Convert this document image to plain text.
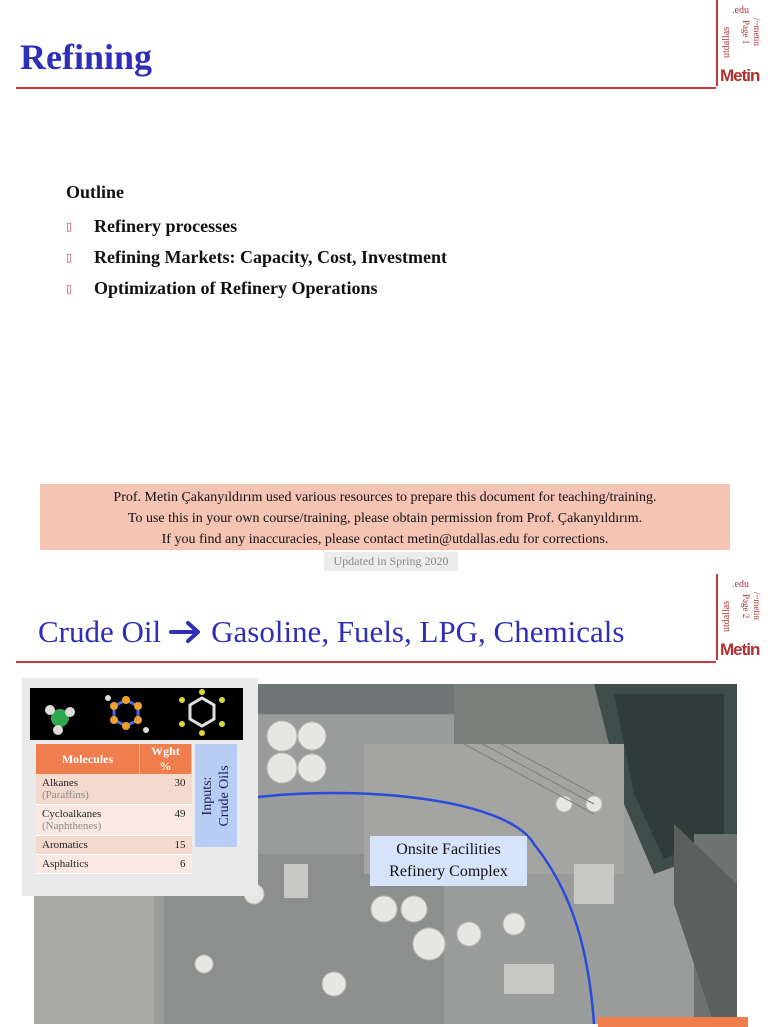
Refining	utdallas
.edu
Page 1 /~metin
Metin
Outline
▯	Refinery processes
▯	Refining Markets: Capacity, Cost, Investment
▯	Optimization of Refinery Operations
Prof. Metin Çakanyıldırım used various resources to prepare this document for teaching/training.
To use this in your own course/training, please obtain permission from Prof. Çakanyıldırım.
If you find any inaccuracies, please contact metin@utdallas.edu for corrections.
Updated in Spring 2020
Crude Oil Gasoline, Fuels, LPG, Chemicals	utdallas
.edu
Page 2 /~metin
Metin
Molecules	Wght %

Alkanes
(Paraffins)	30

Cycloalkanes
(Naphthenes)	49

Aromatics	15

Asphaltics	6
Inputs: Crude Oils
Onsite Facilities
Refinery Complex
